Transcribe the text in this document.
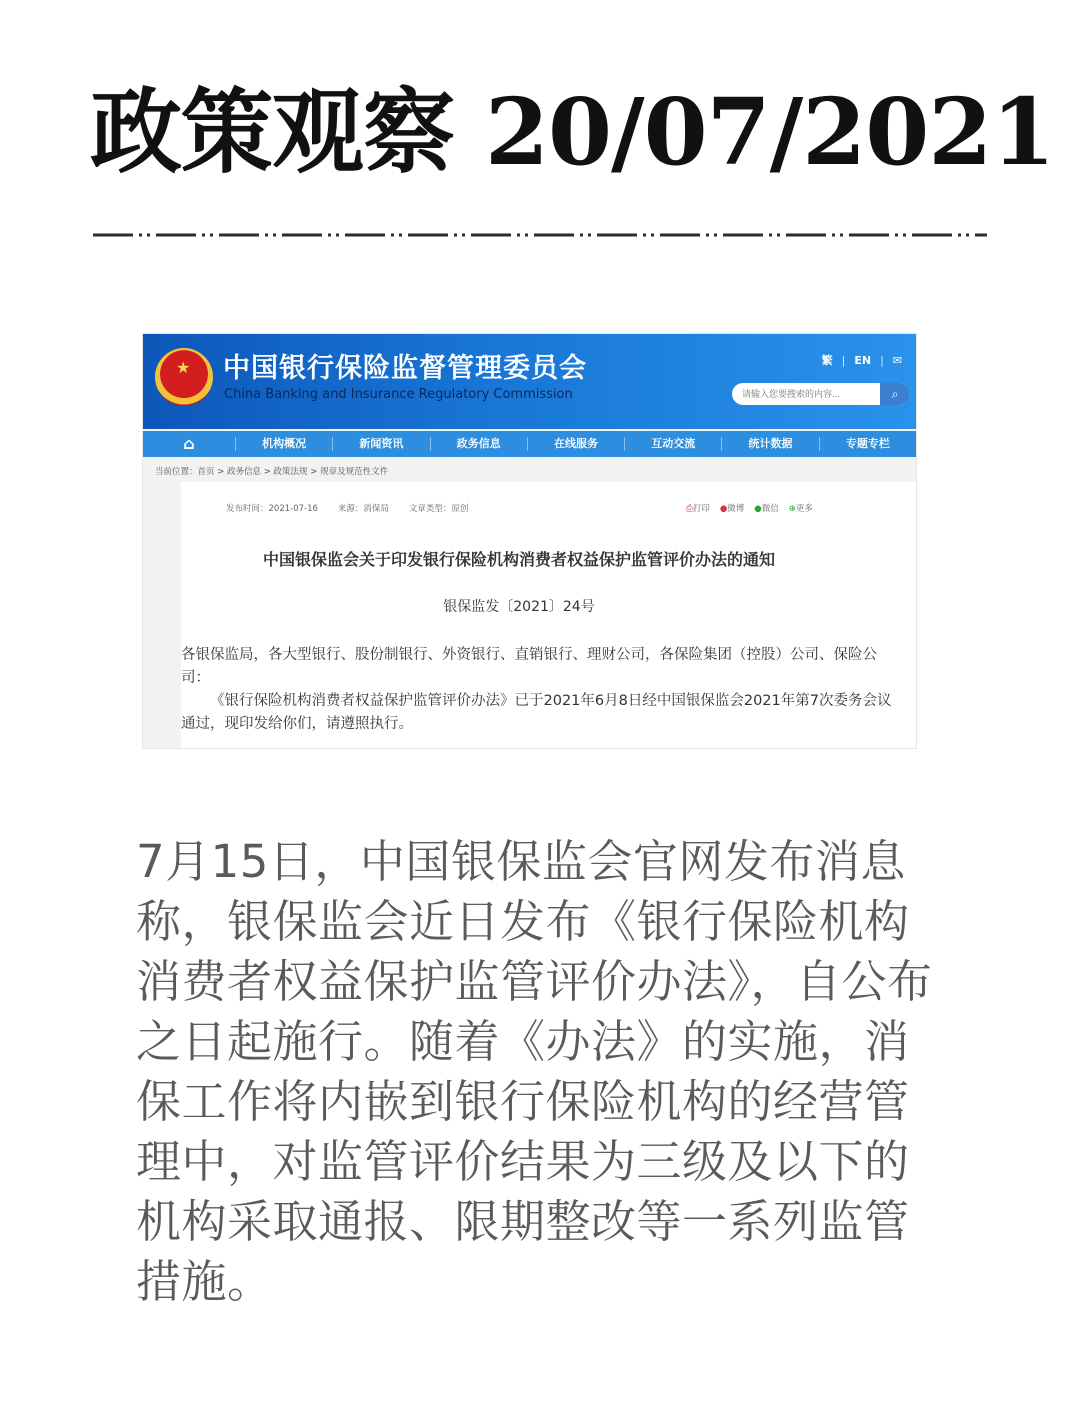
政策观察 20/07/2021
★ 中国银行保险监督管理委员会
China Banking and Insurance Regulatory Commission
繁 | EN | ✉
请输入您要搜索的内容...
⌕
⌂	机构概况	新闻资讯	政务信息	在线服务	互动交流	统计数据	专题专栏
当前位置：首页 > 政务信息 > 政策法规 > 规章及规范性文件
发布时间：2021-07-16 来源：消保局 文章类型：原创	⎙打印 ●微博 ●微信 ⊕更多
中国银保监会关于印发银行保险机构消费者权益保护监管评价办法的通知
银保监发〔2021〕24号

各银保监局，各大型银行、股份制银行、外资银行、直销银行、理财公司，各保险集团（控股）公司、保险公司：

《银行保险机构消费者权益保护监管评价办法》已于2021年6月8日经中国银保监会2021年第7次委务会议通过，现印发给你们，请遵照执行。

7月15日，中国银保监会官网发布消息称，银保监会近日发布《银行保险机构消费者权益保护监管评价办法》，自公布之日起施行。随着《办法》的实施，消保工作将内嵌到银行保险机构的经营管理中，对监管评价结果为三级及以下的机构采取通报、限期整改等一系列监管措施。
